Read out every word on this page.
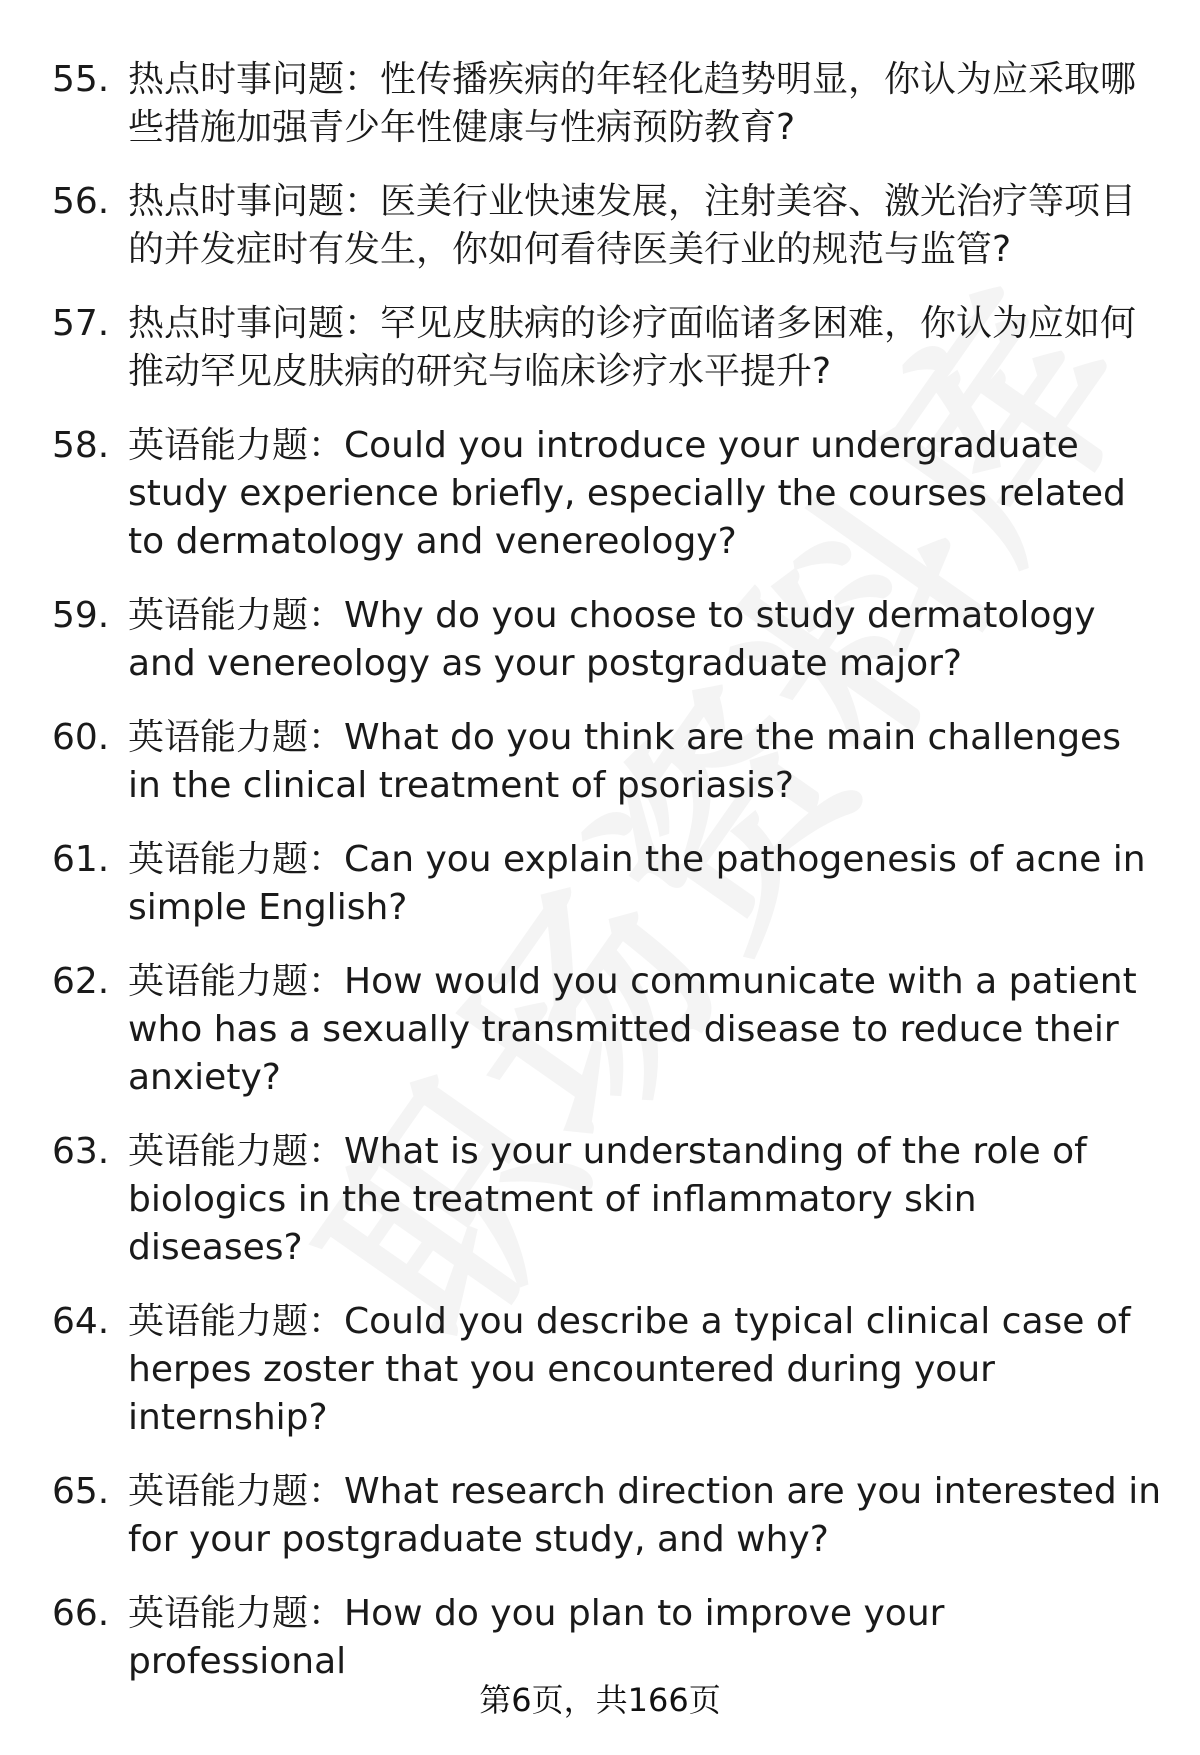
55. 热点时事问题：性传播疾病的年轻化趋势明显，你认为应采取哪些措施加强青少年性健康与性病预防教育?
56. 热点时事问题：医美行业快速发展，注射美容、激光治疗等项目的并发症时有发生，你如何看待医美行业的规范与监管?
57. 热点时事问题：罕见皮肤病的诊疗面临诸多困难，你认为应如何推动罕见皮肤病的研究与临床诊疗水平提升?
58. 英语能力题：Could you introduce your undergraduate study experience briefly, especially the courses related to dermatology and venereology?
59. 英语能力题：Why do you choose to study dermatology and venereology as your postgraduate major?
60. 英语能力题：What do you think are the main challenges in the clinical treatment of psoriasis?
61. 英语能力题：Can you explain the pathogenesis of acne in simple English?
62. 英语能力题：How would you communicate with a patient who has a sexually transmitted disease to reduce their anxiety?
63. 英语能力题：What is your understanding of the role of biologics in the treatment of inflammatory skin diseases?
64. 英语能力题：Could you describe a typical clinical case of herpes zoster that you encountered during your internship?
65. 英语能力题：What research direction are you interested in for your postgraduate study, and why?
66. 英语能力题：How do you plan to improve your professional
第6页，共166页
